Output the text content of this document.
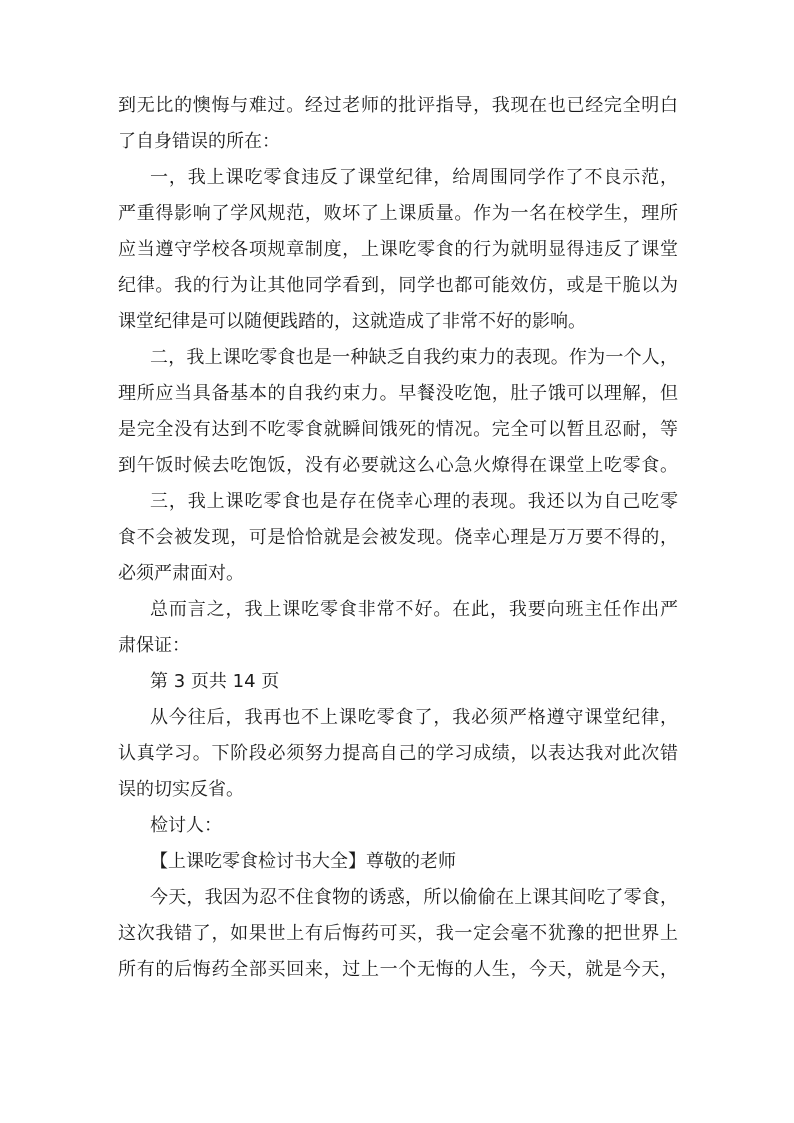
到无比的懊悔与难过。经过老师的批评指导，我现在也已经完全明白
了自身错误的所在：
一，我上课吃零食违反了课堂纪律，给周围同学作了不良示范，
严重得影响了学风规范，败坏了上课质量。作为一名在校学生，理所
应当遵守学校各项规章制度，上课吃零食的行为就明显得违反了课堂
纪律。我的行为让其他同学看到，同学也都可能效仿，或是干脆以为
课堂纪律是可以随便践踏的，这就造成了非常不好的影响。
二，我上课吃零食也是一种缺乏自我约束力的表现。作为一个人，
理所应当具备基本的自我约束力。早餐没吃饱，肚子饿可以理解，但
是完全没有达到不吃零食就瞬间饿死的情况。完全可以暂且忍耐，等
到午饭时候去吃饱饭，没有必要就这么心急火燎得在课堂上吃零食。
三，我上课吃零食也是存在侥幸心理的表现。我还以为自己吃零
食不会被发现，可是恰恰就是会被发现。侥幸心理是万万要不得的，
必须严肃面对。
总而言之，我上课吃零食非常不好。在此，我要向班主任作出严
肃保证：
第 3 页共 14 页
从今往后，我再也不上课吃零食了，我必须严格遵守课堂纪律，
认真学习。下阶段必须努力提高自己的学习成绩，以表达我对此次错
误的切实反省。
检讨人：
【上课吃零食检讨书大全】尊敬的老师
今天，我因为忍不住食物的诱惑，所以偷偷在上课其间吃了零食，
这次我错了，如果世上有后悔药可买，我一定会毫不犹豫的把世界上
所有的后悔药全部买回来，过上一个无悔的人生，今天，就是今天，
